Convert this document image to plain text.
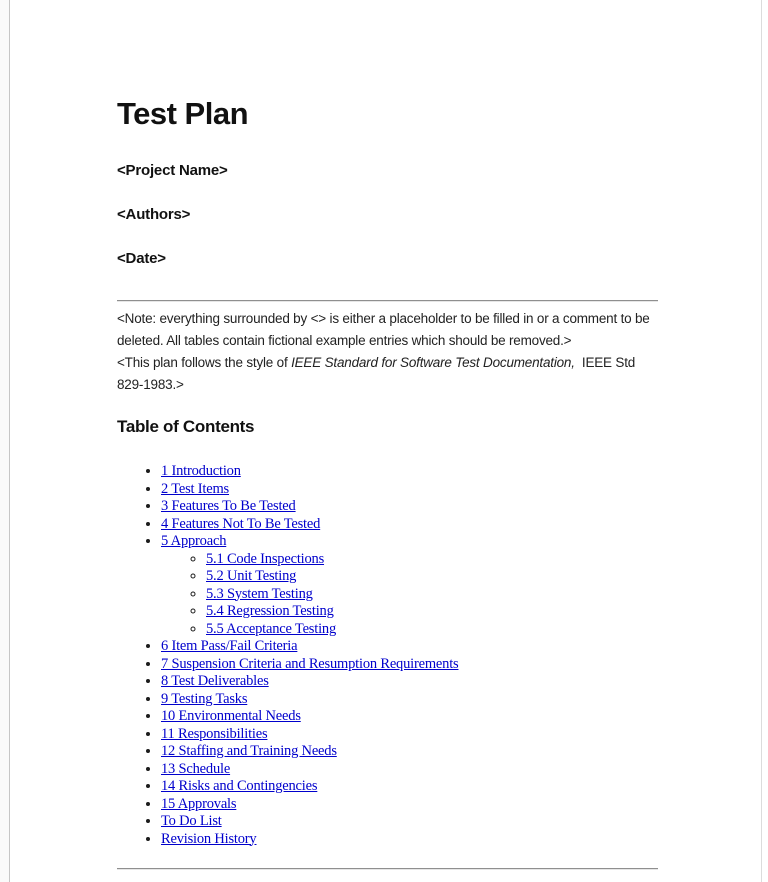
Test Plan

<Project Name>

<Authors>

<Date>

<Note: everything surrounded by <> is either a placeholder to be filled in or a comment to be deleted. All tables contain fictional example entries which should be removed.>

<This plan follows the style of IEEE Standard for Software Test Documentation,  IEEE Std 829-1983.>

Table of Contents
• 1 Introduction
• 2 Test Items
• 3 Features To Be Tested
• 4 Features Not To Be Tested
• 5 Approach
◦ 5.1 Code Inspections
◦ 5.2 Unit Testing
◦ 5.3 System Testing
◦ 5.4 Regression Testing
◦ 5.5 Acceptance Testing
• 6 Item Pass/Fail Criteria
• 7 Suspension Criteria and Resumption Requirements
• 8 Test Deliverables
• 9 Testing Tasks
• 10 Environmental Needs
• 11 Responsibilities
• 12 Staffing and Training Needs
• 13 Schedule
• 14 Risks and Contingencies
• 15 Approvals
• To Do List
• Revision History
